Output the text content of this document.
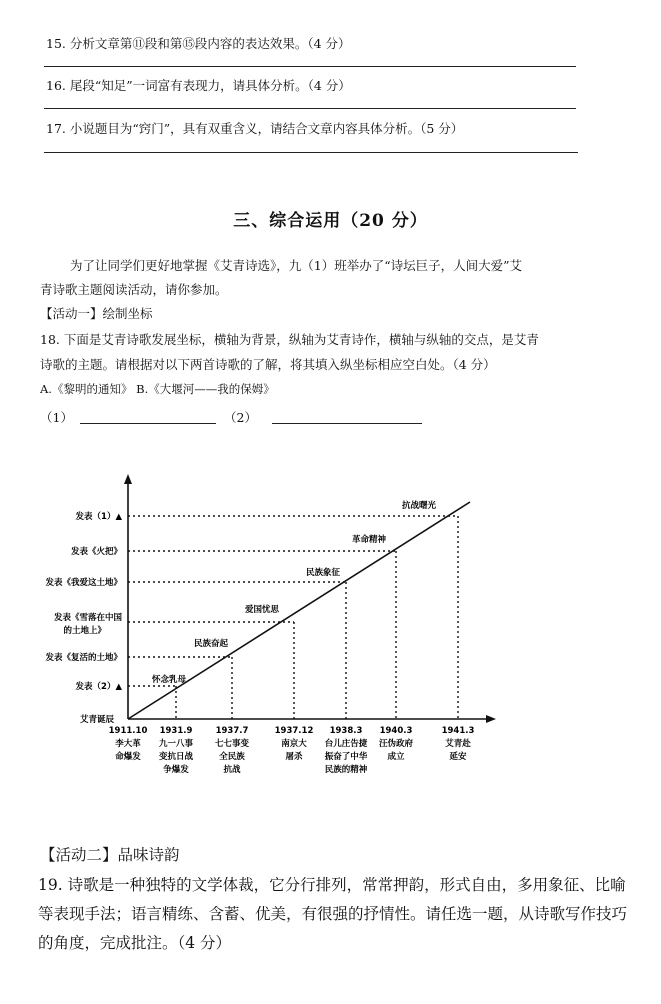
15. 分析文章第⑪段和第⑮段内容的表达效果。（4 分）
16. 尾段“知足”一词富有表现力，请具体分析。（4 分）
17. 小说题目为“窍门”，具有双重含义，请结合文章内容具体分析。（5 分）
三、综合运用（20 分）
为了让同学们更好地掌握《艾青诗选》，九（1）班举办了“诗坛巨子，人间大爱”艾
青诗歌主题阅读活动，请你参加。
【活动一】绘制坐标
18. 下面是艾青诗歌发展坐标，横轴为背景，纵轴为艾青诗作，横轴与纵轴的交点，是艾青
诗歌的主题。请根据对以下两首诗歌的了解，将其填入纵坐标相应空白处。（4 分）
A.《黎明的通知》 B.《大堰河——我的保姆》
（1）	（2）
1911.10 李大革命爆发
1931.9 九一八事变抗日战争爆发
1937.7 七七事变全民族抗战
1937.12 南京大屠杀
1938.3 台儿庄告捷振奋了中华民族的精神
1940.3 汪伪政府成立
1941.3 艾青赴延安
艾青诞辰
发表（2）▲
发表《复活的土地》
发表《雪落在中国的土地上》
发表《我爱这土地》
发表《火把》
发表（1）▲
怀念乳母
民族奋起
爱国忧思
民族象征
革命精神
抗战曙光
【活动二】品味诗韵
19. 诗歌是一种独特的文学体裁，它分行排列，常常押韵，形式自由，多用象征、比喻
等表现手法；语言精练、含蓄、优美，有很强的抒情性。请任选一题，从诗歌写作技巧
的角度，完成批注。（4 分）
